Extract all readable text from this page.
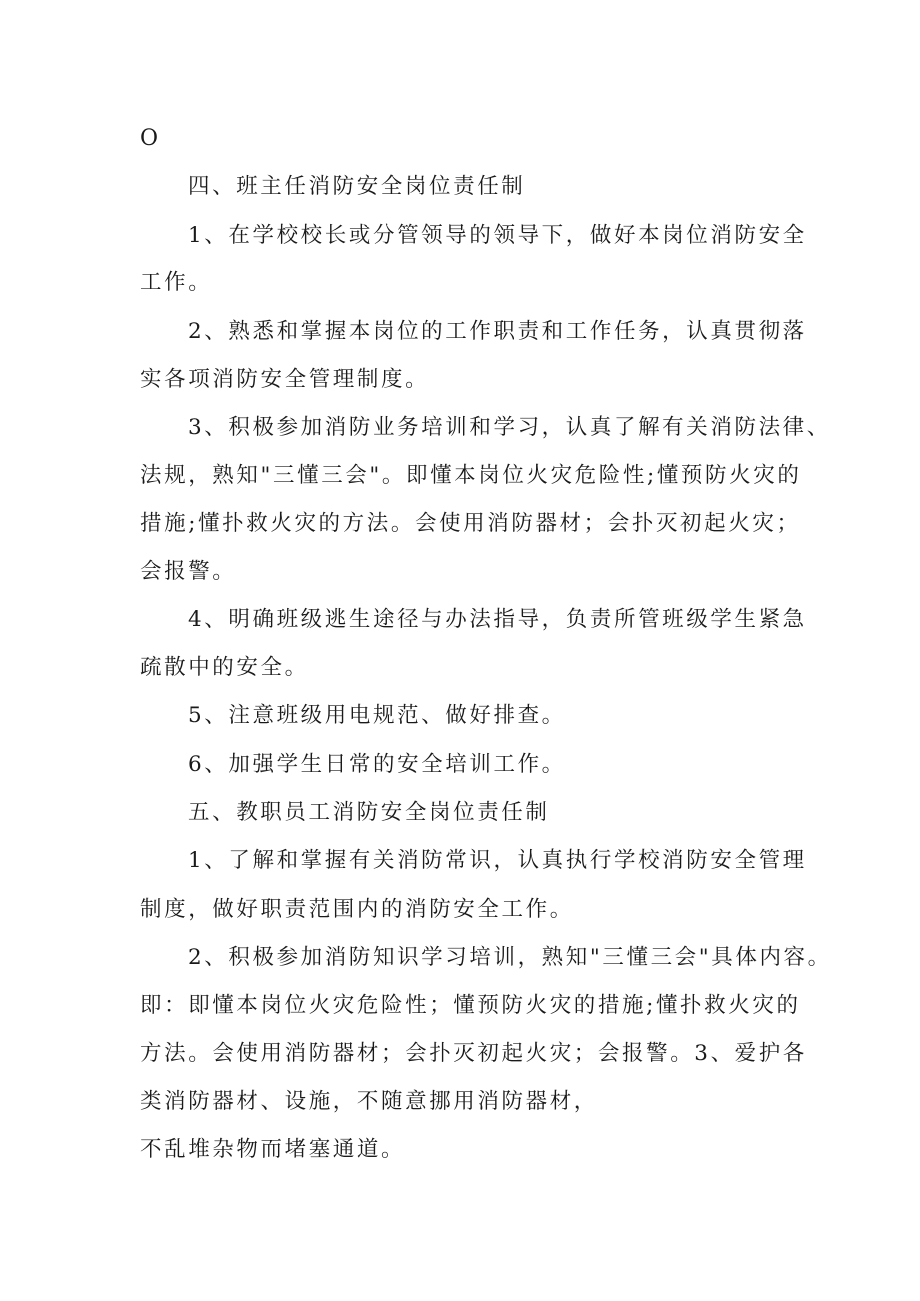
O
四、班主任消防安全岗位责任制
1、在学校校长或分管领导的领导下，做好本岗位消防安全
工作。
2、熟悉和掌握本岗位的工作职责和工作任务，认真贯彻落
实各项消防安全管理制度。
3、积极参加消防业务培训和学习，认真了解有关消防法律、
法规，熟知"三懂三会"。即懂本岗位火灾危险性;懂预防火灾的
措施;懂扑救火灾的方法。会使用消防器材；会扑灭初起火灾；
会报警。
4、明确班级逃生途径与办法指导，负责所管班级学生紧急
疏散中的安全。
5、注意班级用电规范、做好排查。
6、加强学生日常的安全培训工作。
五、教职员工消防安全岗位责任制
1、了解和掌握有关消防常识，认真执行学校消防安全管理
制度，做好职责范围内的消防安全工作。
2、积极参加消防知识学习培训，熟知"三懂三会"具体内容。
即：即懂本岗位火灾危险性；懂预防火灾的措施;懂扑救火灾的
方法。会使用消防器材；会扑灭初起火灾；会报警。3、爱护各
类消防器材、设施，不随意挪用消防器材，
不乱堆杂物而堵塞通道。
